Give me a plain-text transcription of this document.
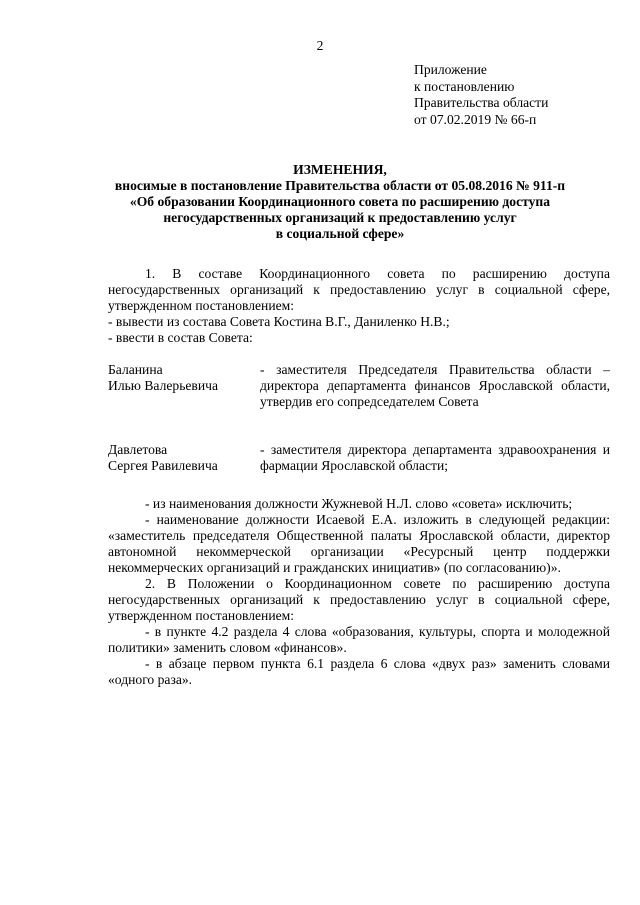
2
Приложение
к постановлению
Правительства области
от 07.02.2019 № 66-п
ИЗМЕНЕНИЯ,
вносимые в постановление Правительства области от 05.08.2016 № 911-п
«Об образовании Координационного совета по расширению доступа
негосударственных организаций к предоставлению услуг
в социальной сфере»

1. В составе Координационного совета по расширению доступа негосударственных организаций к предоставлению услуг в социальной сфере, утвержденном постановлением:

- вывести из состава Совета Костина В.Г., Даниленко Н.В.;

- ввести в состав Совета:

Баланина
Илью Валерьевича
- заместителя Председателя Правительства области – директора департамента финансов Ярославской области, утвердив его сопредседателем Совета
Давлетова
Сергея Равилевича
- заместителя директора департамента здравоохранения и фармации Ярославской области;

- из наименования должности Жужневой Н.Л. слово «совета» исключить;

- наименование должности Исаевой Е.А. изложить в следующей редакции: «заместитель председателя Общественной палаты Ярославской области, директор автономной некоммерческой организации «Ресурсный центр поддержки некоммерческих организаций и гражданских инициатив» (по согласованию)».

2. В Положении о Координационном совете по расширению доступа негосударственных организаций к предоставлению услуг в социальной сфере, утвержденном постановлением:

- в пункте 4.2 раздела 4 слова «образования, культуры, спорта и молодежной политики» заменить словом «финансов».

- в абзаце первом пункта 6.1 раздела 6 слова «двух раз» заменить словами «одного раза».
